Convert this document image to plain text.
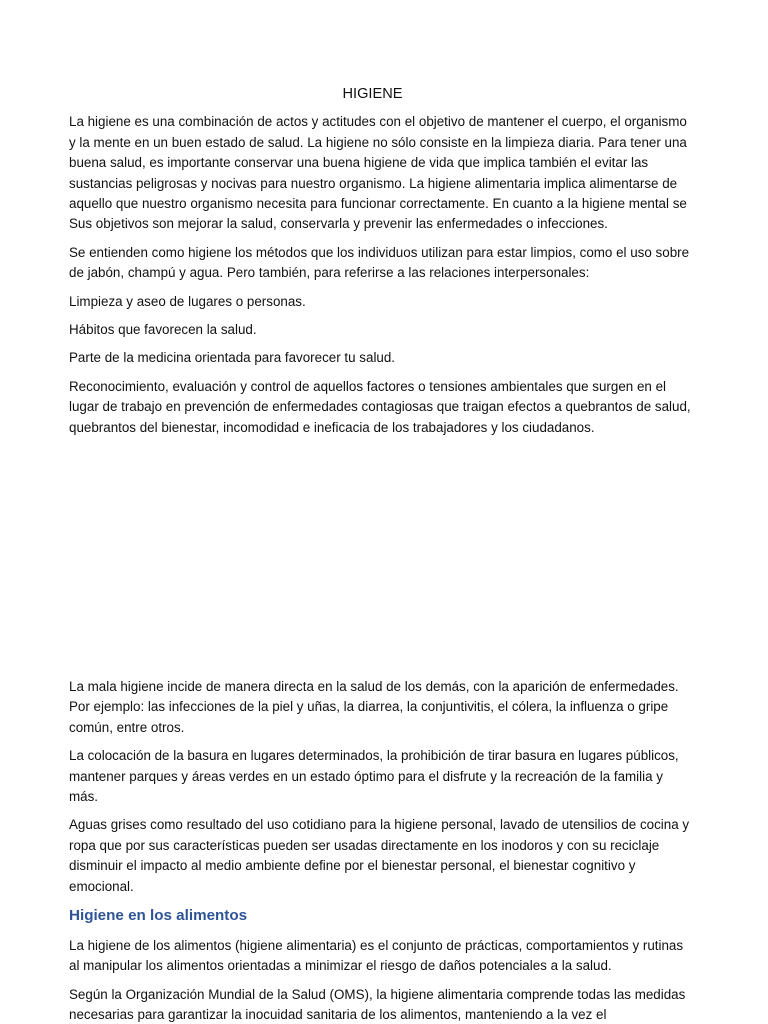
HIGIENE

La higiene es una combinación de actos y actitudes con el objetivo de mantener el cuerpo, el organismo y la mente en un buen estado de salud. La higiene no sólo consiste en la limpieza diaria. Para tener una buena salud, es importante conservar una buena higiene de vida que implica también el evitar las sustancias peligrosas y nocivas para nuestro organismo. La higiene alimentaria implica alimentarse de aquello que nuestro organismo necesita para funcionar correctamente. En cuanto a la higiene mental se Sus objetivos son mejorar la salud, conservarla y prevenir las enfermedades o infecciones.

Se entienden como higiene los métodos que los individuos utilizan para estar limpios, como el uso sobre de jabón, champú y agua. Pero también, para referirse a las relaciones interpersonales:

Limpieza y aseo de lugares o personas.

Hábitos que favorecen la salud.

Parte de la medicina orientada para favorecer tu salud.

Reconocimiento, evaluación y control de aquellos factores o tensiones ambientales que surgen en el lugar de trabajo en prevención de enfermedades contagiosas que traigan efectos a quebrantos de salud, quebrantos del bienestar, incomodidad e ineficacia de los trabajadores y los ciudadanos.

La mala higiene incide de manera directa en la salud de los demás, con la aparición de enfermedades. Por ejemplo: las infecciones de la piel y uñas, la diarrea, la conjuntivitis, el cólera, la influenza o gripe común, entre otros.

La colocación de la basura en lugares determinados, la prohibición de tirar basura en lugares públicos, mantener parques y áreas verdes en un estado óptimo para el disfrute y la recreación de la familia y más.

Aguas grises como resultado del uso cotidiano para la higiene personal, lavado de utensilios de cocina y ropa que por sus características pueden ser usadas directamente en los inodoros y con su reciclaje disminuir el impacto al medio ambiente define por el bienestar personal, el bienestar cognitivo y emocional.

Higiene en los alimentos

La higiene de los alimentos (higiene alimentaria) es el conjunto de prácticas, comportamientos y rutinas al manipular los alimentos orientadas a minimizar el riesgo de daños potenciales a la salud.

Según la Organización Mundial de la Salud (OMS), la higiene alimentaria comprende todas las medidas necesarias para garantizar la inocuidad sanitaria de los alimentos, manteniendo a la vez el
